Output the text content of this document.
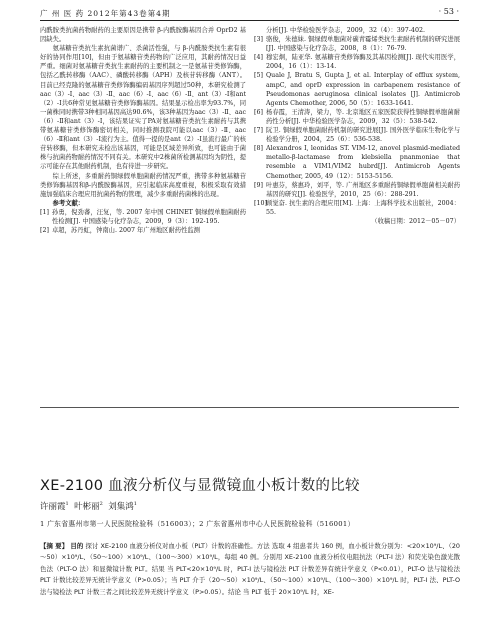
广 州 医 药 2012年第43卷第4期	· 53 ·

内酰胺类抗菌药物耐药的主要原因是携带 β-内酰胺酶基因合并 OprD2 基因缺失。

氨基糖苷类抗生素抗菌谱广、杀菌活性强，与 β-内酰胺类抗生素有很好的协同作用[10]，但由于氨基糖苷类药物的广泛应用，其耐药情况日益严重。细菌对氨基糖苷类抗生素耐药的主要机制之一是氨基苷类修饰酶，包括乙酰转移酶（AAC）、磷酸转移酶（APH）及核苷转移酶（ANT）。目前已经克隆的氨基糖苷类修饰酶编码基因序列超过50种，本研究检测了aac（3）-Ⅰ、aac（3）-Ⅱ、aac（6）-Ⅰ、aac（6）-Ⅱ、ant（3）-Ⅰ和ant（2）-Ⅰ共6种常见氨基糖苷类修饰酶基因。结果显示检出率为93.7%，同一菌株同时携带3种相同基因高达90.6%，该3种基因为aac（3）-Ⅱ、aac（6）-Ⅱ和ant（3）-Ⅰ，该结果证实了PA对氨基糖苷类抗生素耐药与其携带氨基糖苷类修饰酶密切相关，同时推测我院可能以aac（3）-Ⅱ、aac（6）-Ⅱ和ant（3）-Ⅰ流行为主。值得一提的是ant（2）-Ⅰ虽流行最广的核苷转移酶，但本研究未检出该基因，可能是区域差异所致，也可能由于菌株与抗菌药物耐药情况不同有关。本研究中2株菌所检测基因均为阴性，提示可能存在其他耐药机制，也有待进一步研究。

综上所述，多重耐药铜绿假单胞菌耐药情况严重，携带多种氨基糖苷类修饰酶基因和β-内酰胺酶基因，应引起临床高度重视，积极采取有效措施加强临床合理应用抗菌药物的管理，减少多重耐药菌株的出现。

参考文献：

[1] 孙勇，倪劲蕃，汪复，等. 2007 年中国 CHINET 铜绿假单胞菌耐药性检测[J]. 中国感染与化疗杂志，2009，9（3）：192-195.
[2] 卓超，苏丹虹，钟南山. 2007 年广州地区耐药性监测
分析[J]. 中华检验医学杂志，2009，32（4）：397-402.
[3] 骆俊，朱德妹. 铜绿假单胞菌对碳青霉烯类抗生素耐药机制的研究进展[J]. 中国感染与化疗杂志，2008，8（1）：76-79.
[4] 穆宏炯，陆亚华. 氨基糖苷类修饰酶及其基因检测[J]. 现代实用医学，2004，16（1）：13-14.
[5] Quale J, Bratu S, Gupta J, et al. Interplay of efflux system, ampC, and oprD expression in carbapenem resistance of Pseudomonas aeruginosa clinical isolates [J]. Antimicrob Agents Chemother, 2006, 50（5）：1633-1641.
[6] 杨春霞，王清涛，梁力，等. 北京地区五家医院获得性铜绿假单胞菌耐药性分析[J]. 中华检验医学杂志，2009，32（5）：538-542.
[7] 阮卫. 铜绿假单胞菌耐药机制的研究进展[J]. 国外医学临床生物化学与检验学分册，2004，25（6）：536-538.
[8] Alexandros I, leonidas ST. VIM-12, anovel plasmid-mediated metallo-β-lactamase from klebsiella pnanmoniae that resemble a VIM1/VIM2 hubrd[J]. Antimicrob Agents Chemother, 2005, 49（12）：5153-5156.
[9] 叶惠芬，蔡惠玲，刘平，等. 广州地区多重耐药铜绿假单胞菌相关耐药基因的研究[J]. 检验医学，2010，25（6）：288-291.
[10] 顾觉奋. 抗生素的合理应用[M]. 上海：上海科学技术出版社，2004：55.

（收稿日期：2012－05－07）

XE-2100 血液分析仪与显微镜血小板计数的比较
许丽霞$^1$ 叶彬丽$^2$ 刘集鸿$^1$
1 广东省惠州市第一人民医院检验科（516003）；2 广东省惠州市中心人民医院检验科（516001）
【摘 要】 目的 探讨 XE-2100 血液分析仪对血小板（PLT）计数的准确性。方法 选取 4 组患者共 160 例，血小板计数分别为：<20×10⁹/L、（20～50）×10⁹/L、（50～100）×10⁹/L、（100～300）×10⁹/L，每组 40 例。分别用 XE-2100 血液分析仪电阻抗法（PLT-I 法）和荧光染色激光散色法（PLT-O 法）和显微镜计数 PLT。结果 当 PLT<20×10⁹/L 时，PLT-I 法与镜检法 PLT 计数差异有统计学意义（P<0.01），PLT-O 法与镜检法 PLT 计数比较差异无统计学意义（P>0.05）；当 PLT 介于（20～50）×10⁹/L、（50～100）×10⁹/L、（100～300）×10⁹/L 时，PLT-I 法、PLT-O 法与镜检法 PLT 计数三者之间比较差异无统计学意义（P>0.05）。结论 当 PLT 低于 20×10⁹/L 时，XE-
